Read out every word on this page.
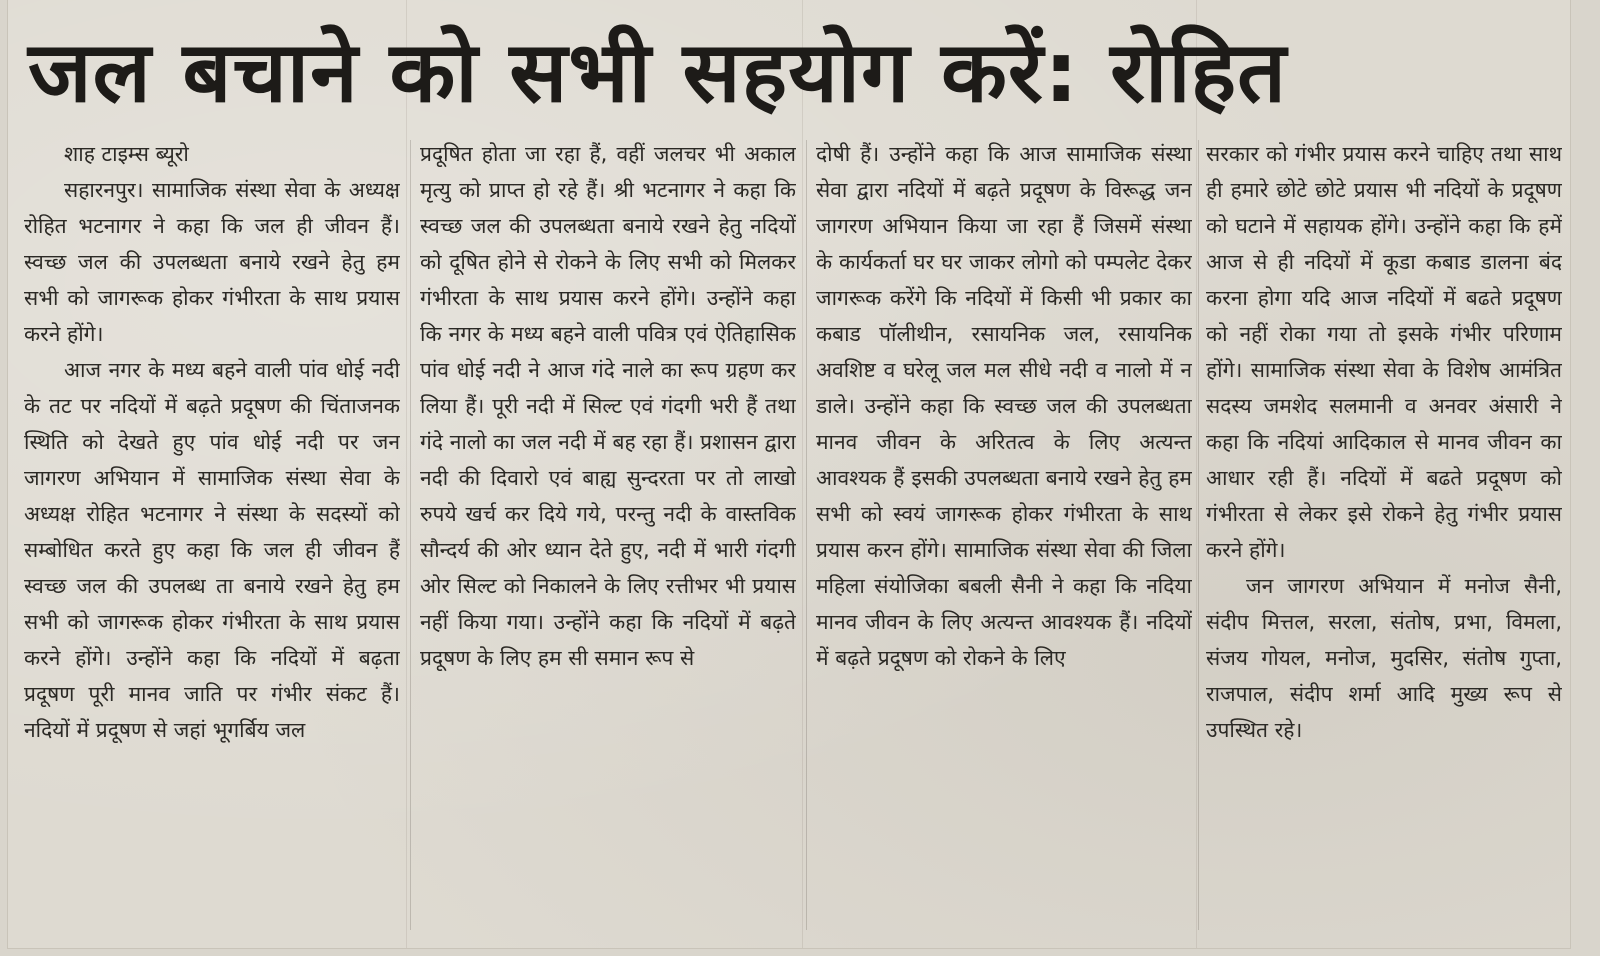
जल बचाने को सभी सहयोग करें: रोहित
शाह टाइम्स ब्यूरो

सहारनपुर। सामाजिक संस्था सेवा के अध्यक्ष रोहित भटनागर ने कहा कि जल ही जीवन हैं। स्वच्छ जल की उपलब्धता बनाये रखने हेतु हम सभी को जागरूक होकर गंभीरता के साथ प्रयास करने होंगे।

आज नगर के मध्य बहने वाली पांव धोई नदी के तट पर नदियों में बढ़ते प्रदूषण की चिंताजनक स्थिति को देखते हुए पांव धोई नदी पर जन जागरण अभियान में सामाजिक संस्था सेवा के अध्यक्ष रोहित भटनागर ने संस्था के सदस्यों को सम्बोधित करते हुए कहा कि जल ही जीवन हैं स्वच्छ जल की उपलब्ध ता बनाये रखने हेतु हम सभी को जागरूक होकर गंभीरता के साथ प्रयास करने होंगे। उन्होंने कहा कि नदियों में बढ़ता प्रदूषण पूरी मानव जाति पर गंभीर संकट हैं। नदियों में प्रदूषण से जहां भूगर्बिय जल

प्रदूषित होता जा रहा हैं, वहीं जलचर भी अकाल मृत्यु को प्राप्त हो रहे हैं। श्री भटनागर ने कहा कि स्वच्छ जल की उपलब्धता बनाये रखने हेतु नदियों को दूषित होने से रोकने के लिए सभी को मिलकर गंभीरता के साथ प्रयास करने होंगे। उन्होंने कहा कि नगर के मध्य बहने वाली पवित्र एवं ऐतिहासिक पांव धोई नदी ने आज गंदे नाले का रूप ग्रहण कर लिया हैं। पूरी नदी में सिल्ट एवं गंदगी भरी हैं तथा गंदे नालो का जल नदी में बह रहा हैं। प्रशासन द्वारा नदी की दिवारो एवं बाह्य सुन्दरता पर तो लाखो रुपये खर्च कर दिये गये, परन्तु नदी के वास्तविक सौन्दर्य की ओर ध्यान देते हुए, नदी में भारी गंदगी ओर सिल्ट को निकालने के लिए रत्तीभर भी प्रयास नहीं किया गया। उन्होंने कहा कि नदियों में बढ़ते प्रदूषण के लिए हम सी समान रूप से

दोषी हैं। उन्होंने कहा कि आज सामाजिक संस्था सेवा द्वारा नदियों में बढ़ते प्रदूषण के विरूद्ध जन जागरण अभियान किया जा रहा हैं जिसमें संस्था के कार्यकर्ता घर घर जाकर लोगो को पम्पलेट देकर जागरूक करेंगे कि नदियों में किसी भी प्रकार का कबाड पॉलीथीन, रसायनिक जल, रसायनिक अवशिष्ट व घरेलू जल मल सीधे नदी व नालो में न डाले। उन्होंने कहा कि स्वच्छ जल की उपलब्धता मानव जीवन के अरितत्व के लिए अत्यन्त आवश्यक हैं इसकी उपलब्धता बनाये रखने हेतु हम सभी को स्वयं जागरूक होकर गंभीरता के साथ प्रयास करन होंगे। सामाजिक संस्था सेवा की जिला महिला संयोजिका बबली सैनी ने कहा कि नदिया मानव जीवन के लिए अत्यन्त आवश्यक हैं। नदियों में बढ़ते प्रदूषण को रोकने के लिए

सरकार को गंभीर प्रयास करने चाहिए तथा साथ ही हमारे छोटे छोटे प्रयास भी नदियों के प्रदूषण को घटाने में सहायक होंगे। उन्होंने कहा कि हमें आज से ही नदियों में कूडा कबाड डालना बंद करना होगा यदि आज नदियों में बढते प्रदूषण को नहीं रोका गया तो इसके गंभीर परिणाम होंगे। सामाजिक संस्था सेवा के विशेष आमंत्रित सदस्य जमशेद सलमानी व अनवर अंसारी ने कहा कि नदियां आदिकाल से मानव जीवन का आधार रही हैं। नदियों में बढते प्रदूषण को गंभीरता से लेकर इसे रोकने हेतु गंभीर प्रयास करने होंगे।

जन जागरण अभियान में मनोज सैनी, संदीप मित्तल, सरला, संतोष, प्रभा, विमला, संजय गोयल, मनोज, मुदसिर, संतोष गुप्ता, राजपाल, संदीप शर्मा आदि मुख्य रूप से उपस्थित रहे।
